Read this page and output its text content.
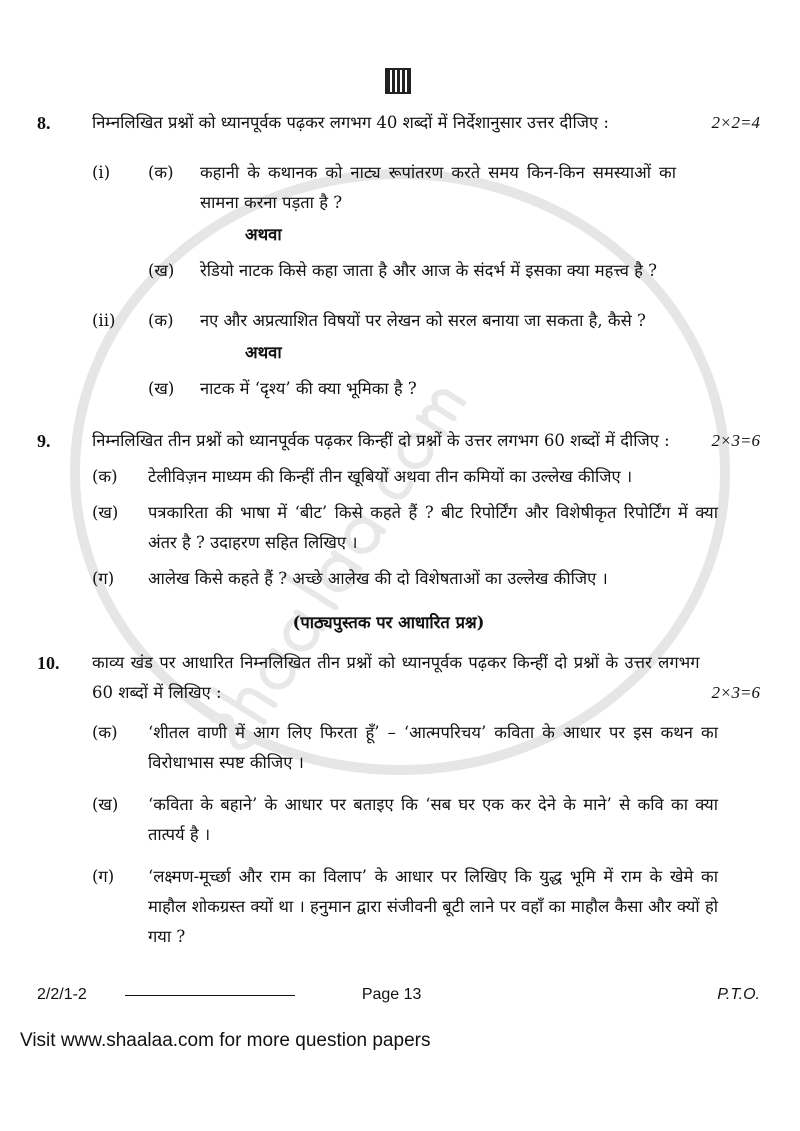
8.	निम्नलिखित प्रश्नों को ध्यानपूर्वक पढ़कर लगभग 40 शब्दों में निर्देशानुसार उत्तर दीजिए :	2×2=4
(i)	(क)	कहानी के कथानक को नाट्य रूपांतरण करते समय किन-किन समस्याओं का सामना करना पड़ता है ?
अथवा
(ख)	रेडियो नाटक किसे कहा जाता है और आज के संदर्भ में इसका क्या महत्त्व है ?
(ii)	(क)	नए और अप्रत्याशित विषयों पर लेखन को सरल बनाया जा सकता है, कैसे ?
अथवा
(ख)	नाटक में ‘दृश्य’ की क्या भूमिका है ?
9.	निम्नलिखित तीन प्रश्नों को ध्यानपूर्वक पढ़कर किन्हीं दो प्रश्नों के उत्तर लगभग 60 शब्दों में दीजिए :	2×3=6
(क)	टेलीविज़न माध्यम की किन्हीं तीन खूबियों अथवा तीन कमियों का उल्लेख कीजिए ।
(ख)	पत्रकारिता की भाषा में ‘बीट’ किसे कहते हैं ? बीट रिपोर्टिंग और विशेषीकृत रिपोर्टिंग में क्या अंतर है ? उदाहरण सहित लिखिए ।
(ग)	आलेख किसे कहते हैं ? अच्छे आलेख की दो विशेषताओं का उल्लेख कीजिए ।
(पाठ्यपुस्तक पर आधारित प्रश्न)
10.	काव्य खंड पर आधारित निम्नलिखित तीन प्रश्नों को ध्यानपूर्वक पढ़कर किन्हीं दो प्रश्नों के उत्तर लगभग 60 शब्दों में लिखिए :	2×3=6
(क)	‘शीतल वाणी में आग लिए फिरता हूँ’ – ‘आत्मपरिचय’ कविता के आधार पर इस कथन का विरोधाभास स्पष्ट कीजिए ।
(ख)	‘कविता के बहाने’ के आधार पर बताइए कि ‘सब घर एक कर देने के माने’ से कवि का क्या तात्पर्य है ।
(ग)	‘लक्ष्मण-मूर्च्छा और राम का विलाप’ के आधार पर लिखिए कि युद्ध भूमि में राम के खेमे का माहौल शोकग्रस्त क्यों था । हनुमान द्वारा संजीवनी बूटी लाने पर वहाँ का माहौल कैसा और क्यों हो गया ?
2/2/1-2	Page 13	P.T.O.
Visit www.shaalaa.com for more question papers
